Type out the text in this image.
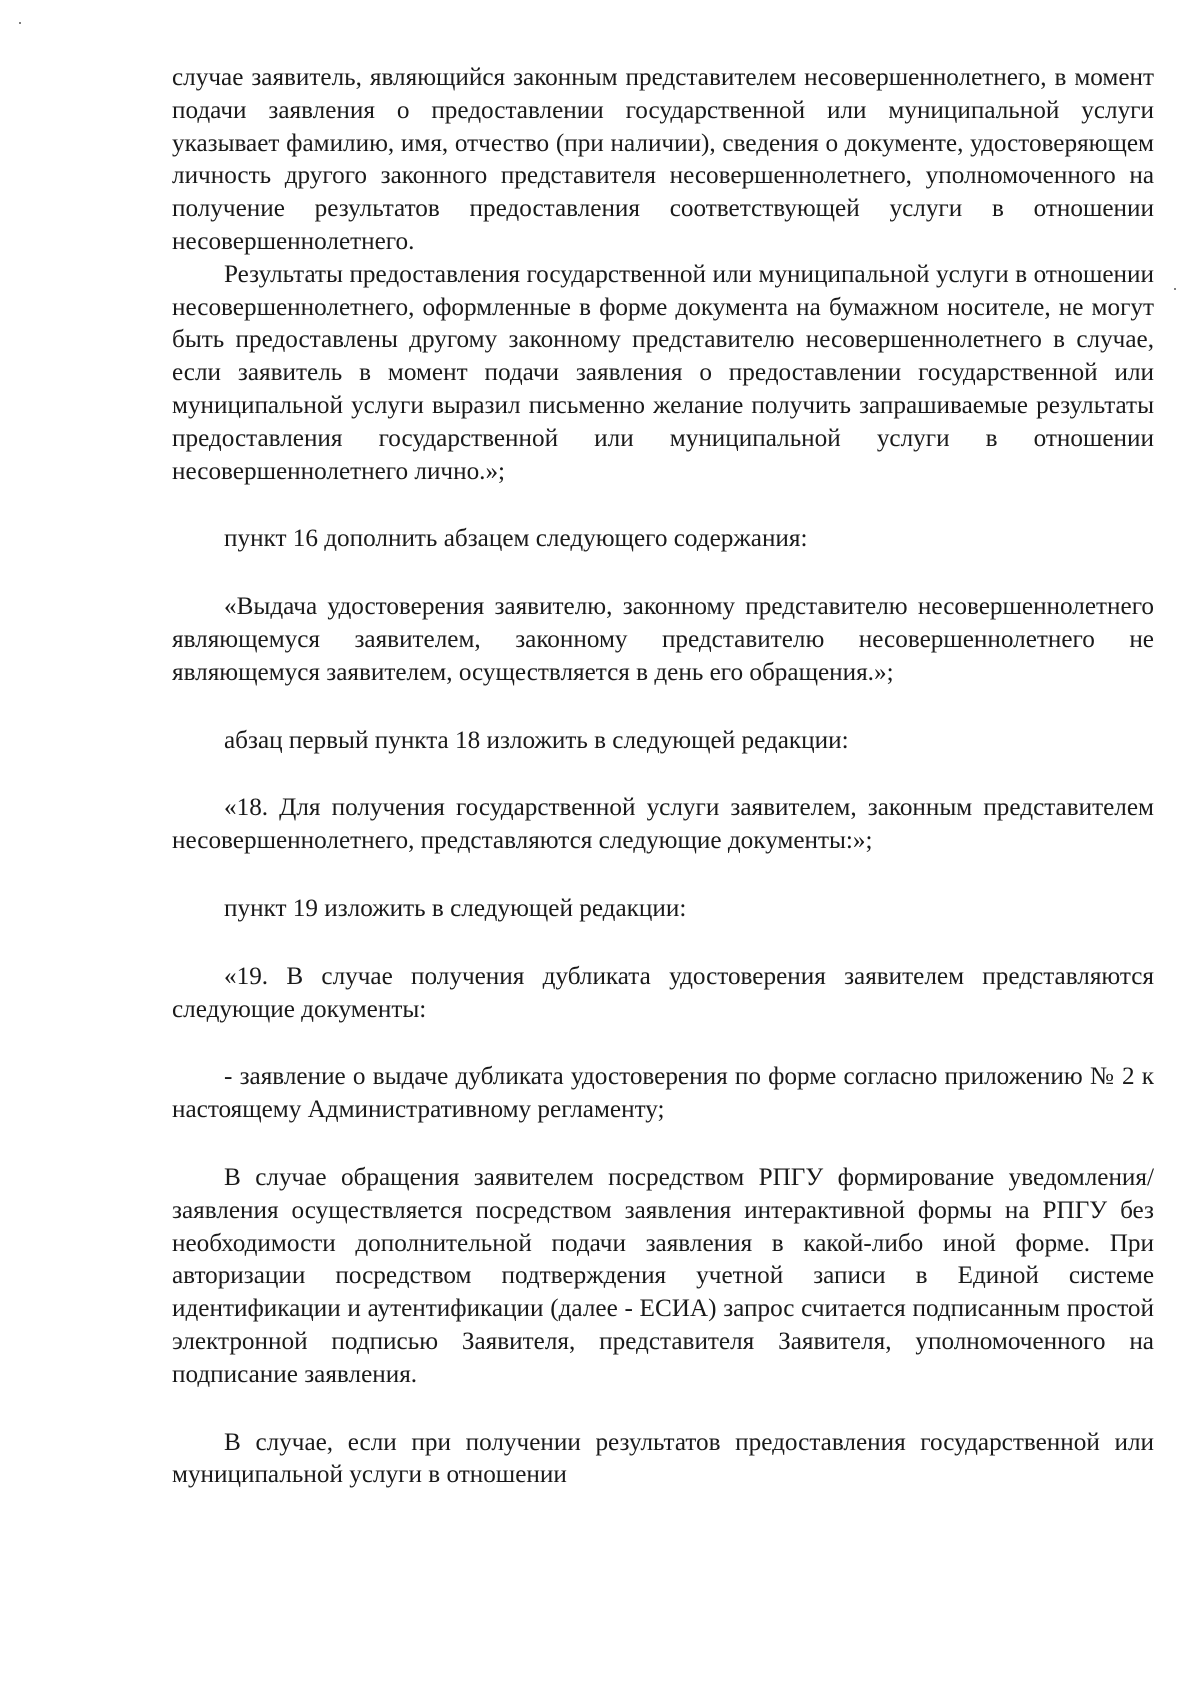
случае заявитель, являющийся законным представителем несовершеннолетнего, в момент подачи заявления о предоставлении государственной или муниципальной услуги указывает фамилию, имя, отчество (при наличии), сведения о документе, удостоверяющем личность другого законного представителя несовершеннолетнего, уполномоченного на получение результатов предоставления соответствующей услуги в отношении несовершеннолетнего.

Результаты предоставления государственной или муниципальной услуги в отношении несовершеннолетнего, оформленные в форме документа на бумажном носителе, не могут быть предоставлены другому законному представителю несовершеннолетнего в случае, если заявитель в момент подачи заявления о предоставлении государственной или муниципальной услуги выразил письменно желание получить запрашиваемые результаты предоставления государственной или муниципальной услуги в отношении несовершеннолетнего лично.»;

пункт 16 дополнить абзацем следующего содержания:

«Выдача удостоверения заявителю, законному представителю несовершеннолетнего являющемуся заявителем, законному представителю несовершеннолетнего не являющемуся заявителем, осуществляется в день его обращения.»;

абзац первый пункта 18 изложить в следующей редакции:

«18. Для получения государственной услуги заявителем, законным представителем несовершеннолетнего, представляются следующие документы:»;

пункт 19 изложить в следующей редакции:

«19. В случае получения дубликата удостоверения заявителем представляются следующие документы:

- заявление о выдаче дубликата удостоверения по форме согласно приложению № 2 к настоящему Административному регламенту;

В случае обращения заявителем посредством РПГУ формирование уведомления/заявления осуществляется посредством заявления интерактивной формы на РПГУ без необходимости дополнительной подачи заявления в какой-либо иной форме. При авторизации посредством подтверждения учетной записи в Единой системе идентификации и аутентификации (далее - ЕСИА) запрос считается подписанным простой электронной подписью Заявителя, представителя Заявителя, уполномоченного на подписание заявления.

В случае, если при получении результатов предоставления государственной или муниципальной услуги в отношении
